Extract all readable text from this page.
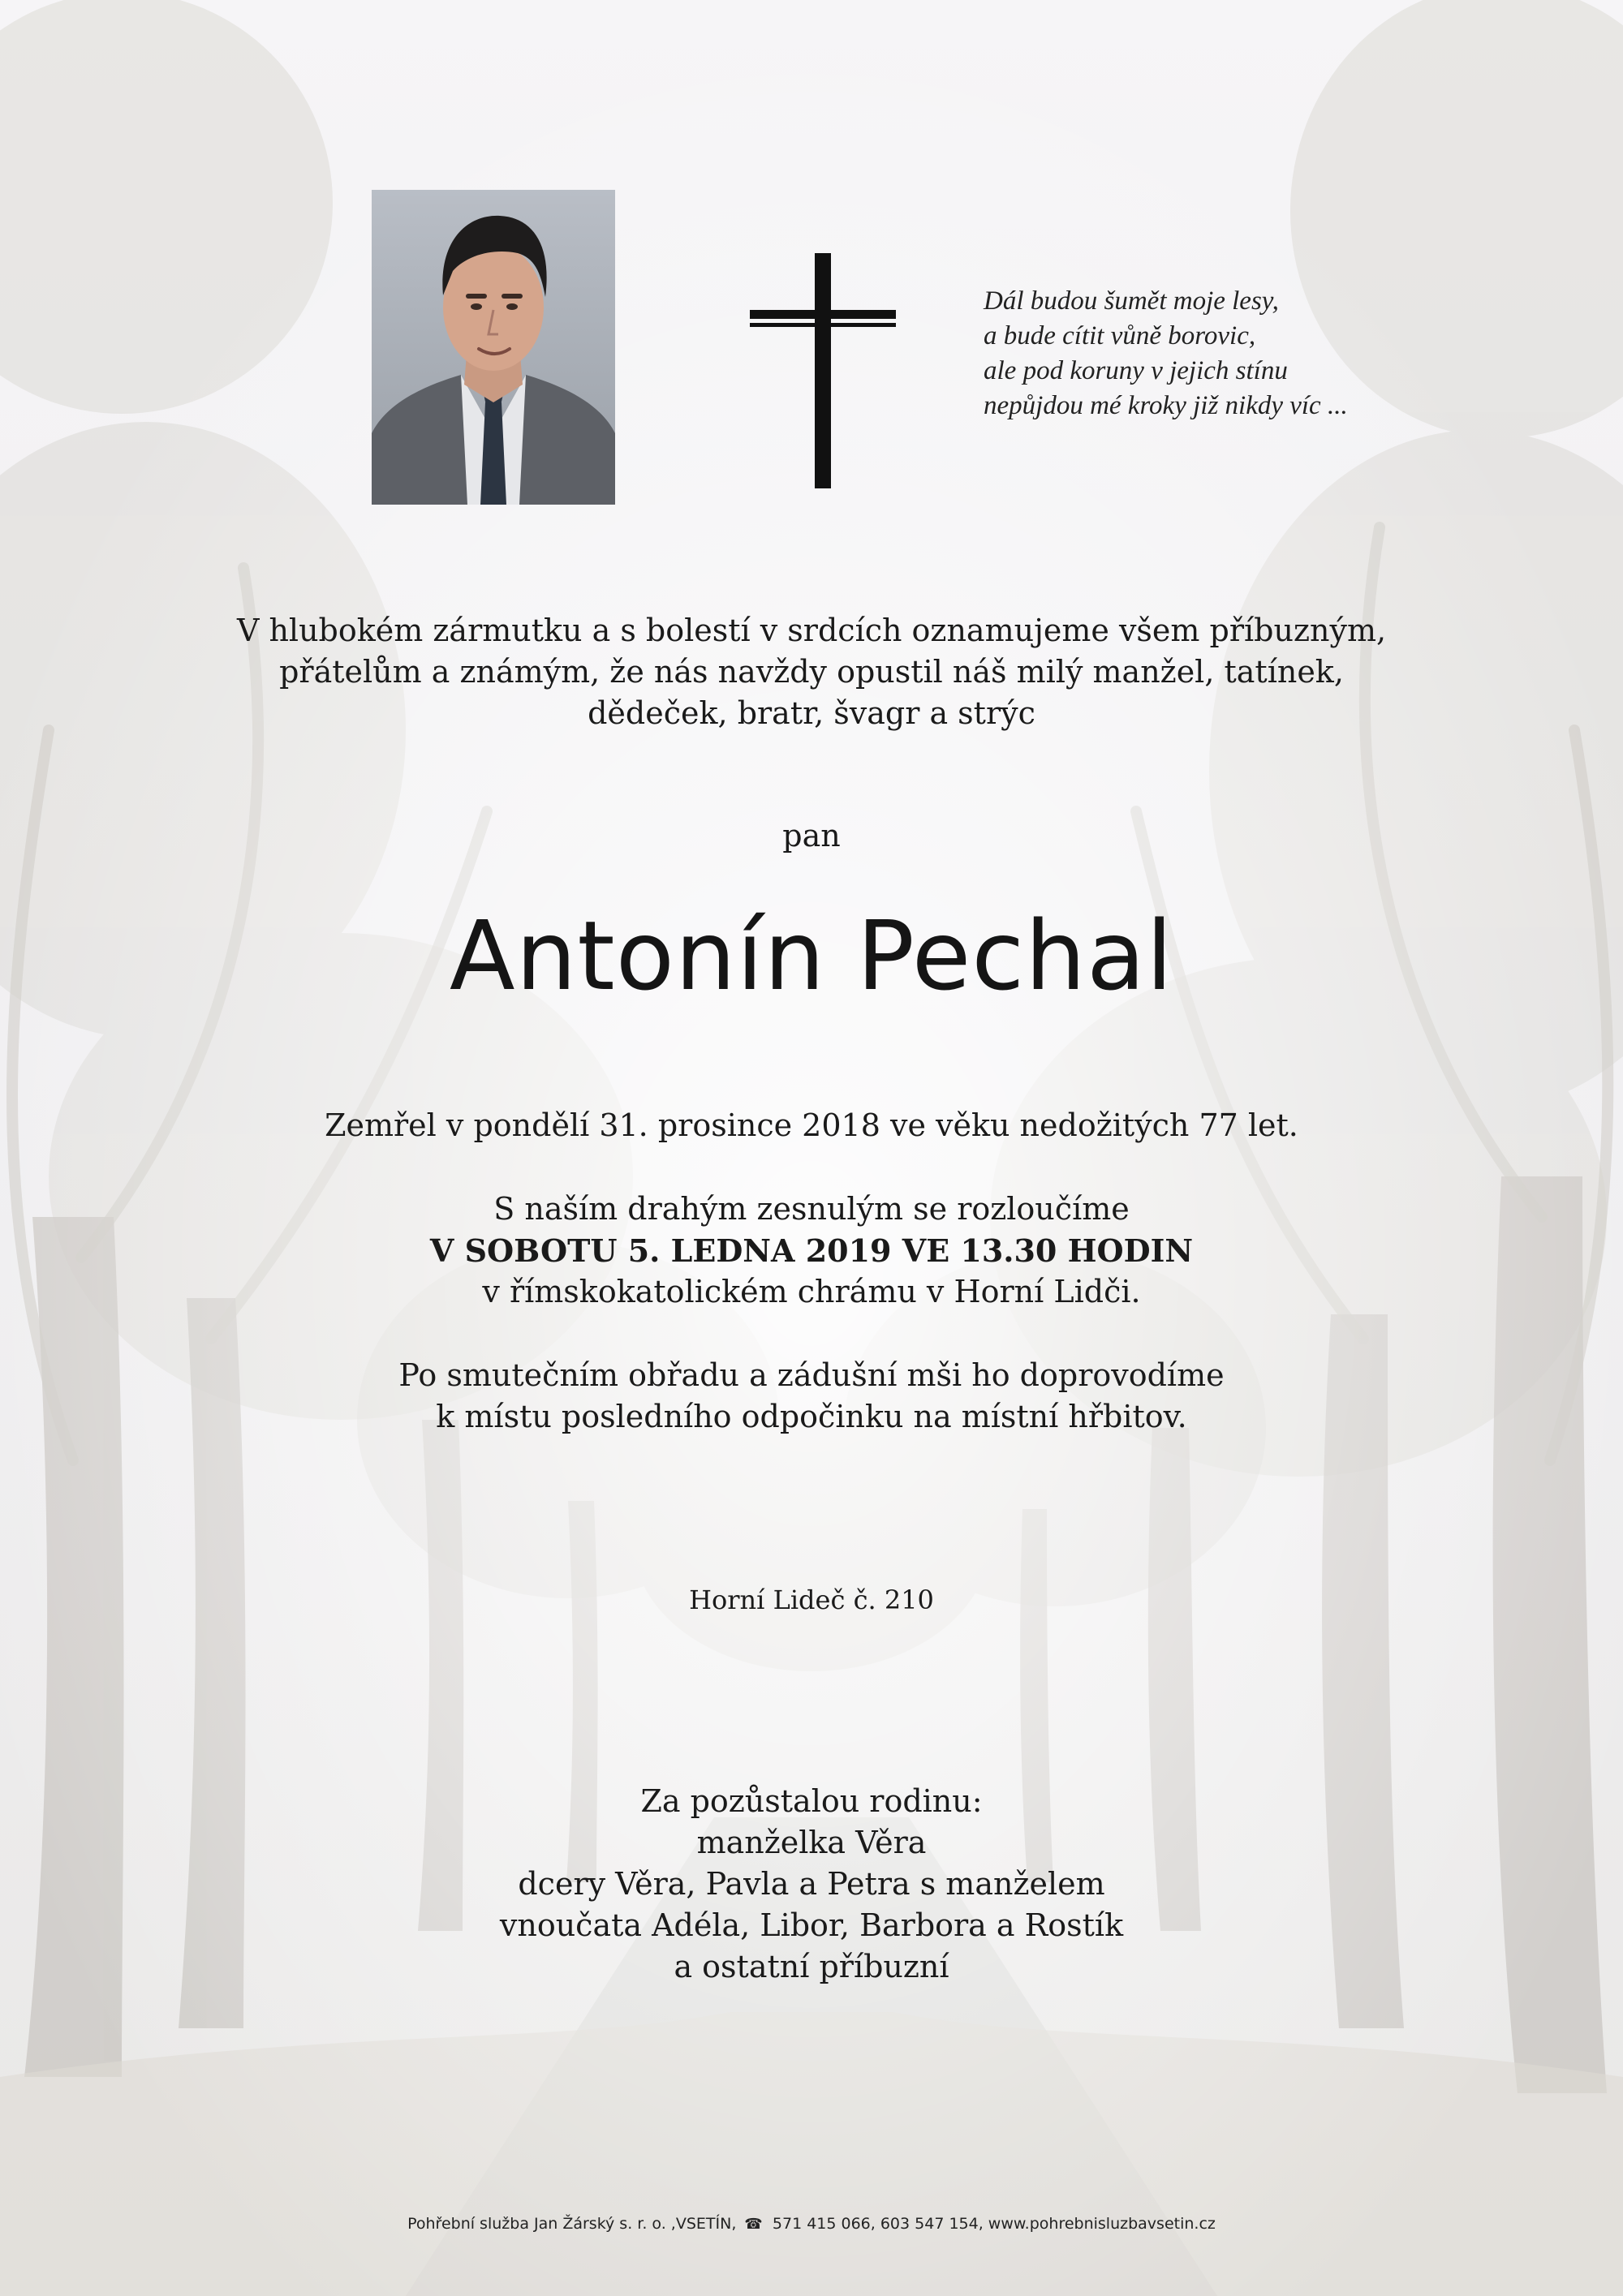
Dál budou šumět moje lesy,
a bude cítit vůně borovic,
ale pod koruny v jejich stínu
nepůjdou mé kroky již nikdy víc ...
V hlubokém zármutku a s bolestí v srdcích oznamujeme všem příbuzným,
přátelům a známým, že nás navždy opustil náš milý manžel, tatínek,
dědeček, bratr, švagr a strýc
pan
Antonín Pechal
Zemřel v pondělí 31. prosince 2018 ve věku nedožitých 77 let.
S naším drahým zesnulým se rozloučíme
V SOBOTU 5. LEDNA 2019 VE 13.30 HODIN
v římskokatolickém chrámu v Horní Lidči.
Po smutečním obřadu a zádušní mši ho doprovodíme
k místu posledního odpočinku na místní hřbitov.
Horní Lideč č. 210
Za pozůstalou rodinu:
manželka Věra
dcery Věra, Pavla a Petra s manželem
vnoučata Adéla, Libor, Barbora a Rostík
a ostatní příbuzní
Pohřební služba Jan Žárský s. r. o. ,VSETÍN, ☎ 571 415 066, 603 547 154, www.pohrebnisluzbavsetin.cz
